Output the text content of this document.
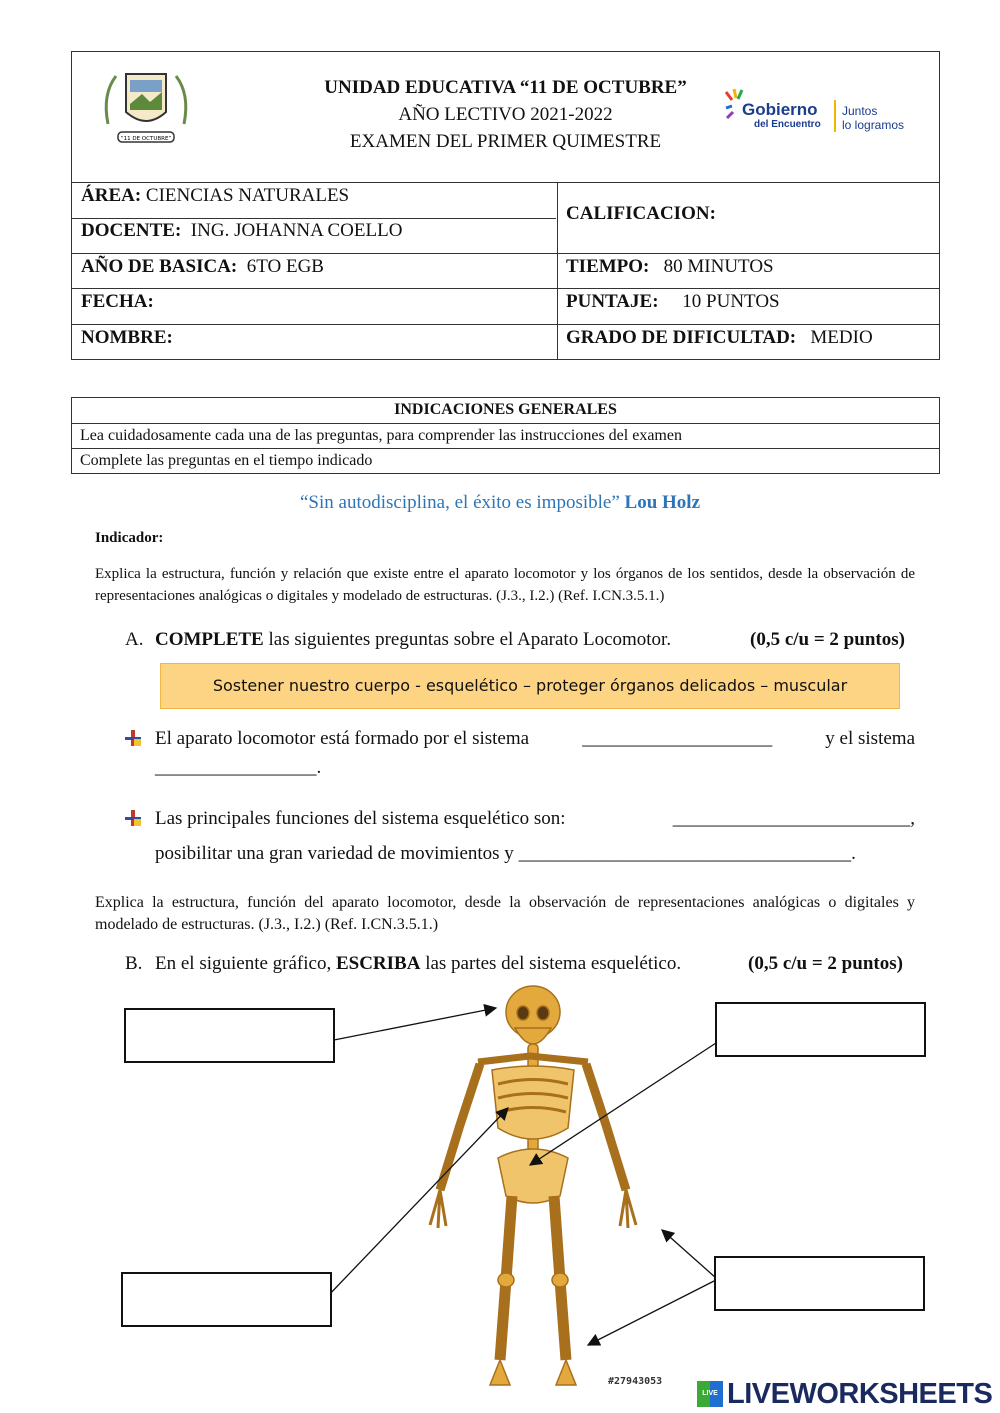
“11 DE OCTUBRE”
UNIDAD EDUCATIVA “11 DE OCTUBRE”
AÑO LECTIVO 2021-2022
EXAMEN DEL PRIMER QUIMESTRE
Gobierno
del Encuentro
Juntos
lo logramos
ÁREA: CIENCIAS NATURALES
DOCENTE: ING. JOHANNA COELLO
CALIFICACION:
AÑO DE BASICA: 6TO EGB	TIEMPO: 80 MINUTOS
FECHA:	PUNTAJE: 10 PUNTOS
NOMBRE:	GRADO DE DIFICULTAD: MEDIO
INDICACIONES GENERALES
Lea cuidadosamente cada una de las preguntas, para comprender las instrucciones del examen
Complete las preguntas en el tiempo indicado
“Sin autodisciplina, el éxito es imposible” Lou Holz
Indicador:
Explica la estructura, función y relación que existe entre el aparato locomotor y los órganos de los sentidos, desde la observación de representaciones analógicas o digitales y modelado de estructuras. (J.3., I.2.) (Ref. I.CN.3.5.1.)
A. COMPLETE las siguientes preguntas sobre el Aparato Locomotor.	(0,5 c/u = 2 puntos)
Sostener nuestro cuerpo - esquelético – proteger órganos delicados – muscular
El aparato locomotor está formado por el sistema	____________________	y el sistema
_________________.
Las principales funciones del sistema esquelético son:	_________________________,
posibilitar una gran variedad de movimientos y ___________________________________.
Explica la estructura, función del aparato locomotor, desde la observación de representaciones analógicas o digitales y modelado de estructuras. (J.3., I.2.) (Ref. I.CN.3.5.1.)
B. En el siguiente gráfico, ESCRIBA las partes del sistema esquelético.	(0,5 c/u = 2 puntos)
#27943053
LIVE LIVEWORKSHEETS
